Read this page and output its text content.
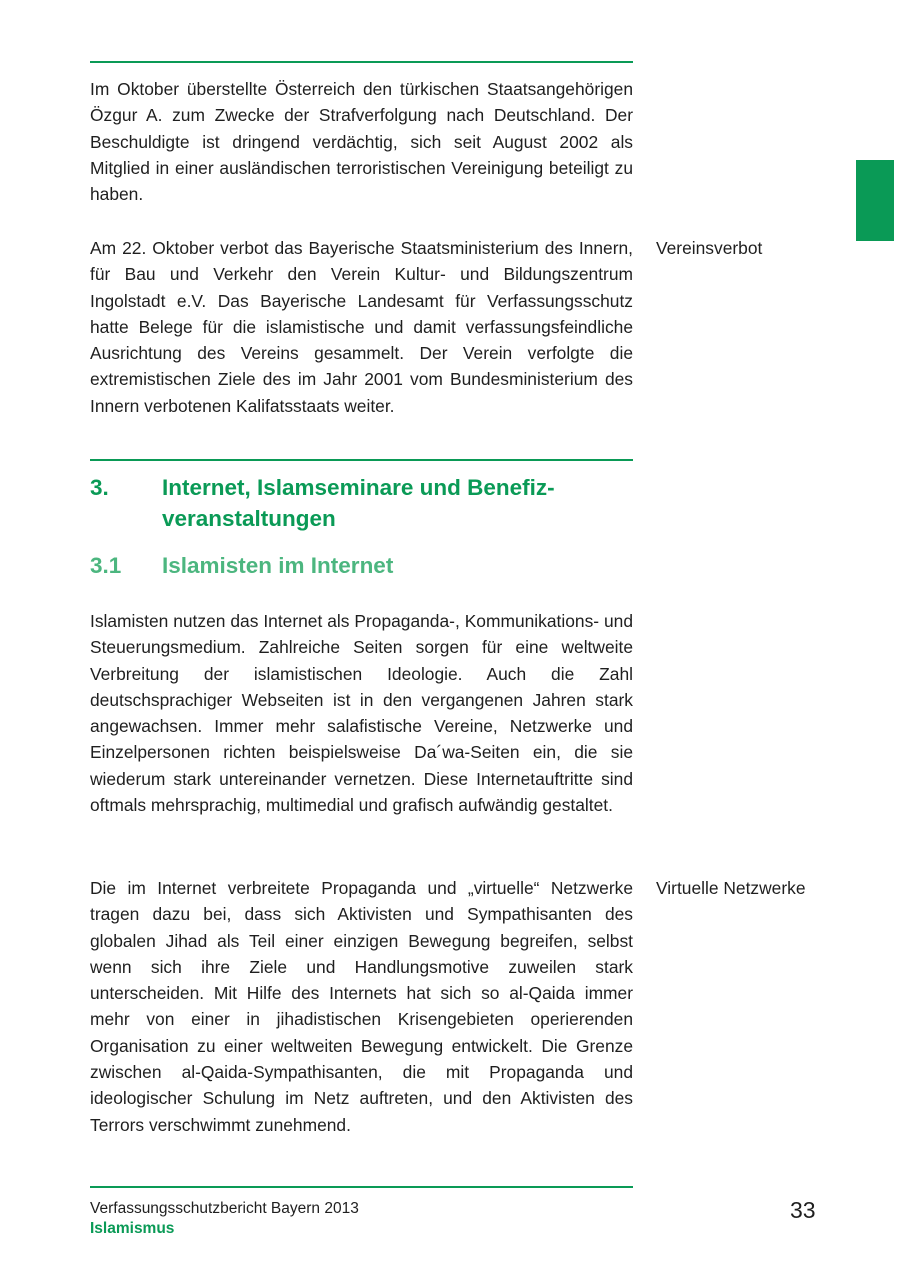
Im Oktober überstellte Österreich den türkischen Staatsangehörigen Özgur A. zum Zwecke der Strafverfolgung nach Deutschland. Der Beschuldigte ist dringend verdächtig, sich seit August 2002 als Mitglied in einer ausländischen terroristischen Vereinigung beteiligt zu haben.

Am 22. Oktober verbot das Bayerische Staatsministerium des Innern, für Bau und Verkehr den Verein Kultur- und Bildungszentrum Ingolstadt e.V. Das Bayerische Landesamt für Verfassungsschutz hatte Belege für die islamistische und damit verfassungsfeindliche Ausrichtung des Vereins gesammelt. Der Verein verfolgte die extremistischen Ziele des im Jahr 2001 vom Bundesministerium des Innern verbotenen Kalifatsstaats weiter.

Vereinsverbot
3. Internet, Islamseminare und Benefizveranstaltungen
3.1 Islamisten im Internet

Islamisten nutzen das Internet als Propaganda-, Kommunikations- und Steuerungsmedium. Zahlreiche Seiten sorgen für eine weltweite Verbreitung der islamistischen Ideologie. Auch die Zahl deutschsprachiger Webseiten ist in den vergangenen Jahren stark angewachsen. Immer mehr salafistische Vereine, Netzwerke und Einzelpersonen richten beispielsweise Da´wa-Seiten ein, die sie wiederum stark untereinander vernetzen. Diese Internetauftritte sind oftmals mehrsprachig, multimedial und grafisch aufwändig gestaltet.

Die im Internet verbreitete Propaganda und „virtuelle“ Netzwerke tragen dazu bei, dass sich Aktivisten und Sympathisanten des globalen Jihad als Teil einer einzigen Bewegung begreifen, selbst wenn sich ihre Ziele und Handlungsmotive zuweilen stark unterscheiden. Mit Hilfe des Internets hat sich so al-Qaida immer mehr von einer in jihadistischen Krisengebieten operierenden Organisation zu einer weltweiten Bewegung entwickelt. Die Grenze zwischen al-Qaida-Sympathisanten, die mit Propaganda und ideologischer Schulung im Netz auftreten, und den Aktivisten des Terrors verschwimmt zunehmend.

Virtuelle Netzwerke
Verfassungsschutzbericht Bayern 2013
Islamismus
33
